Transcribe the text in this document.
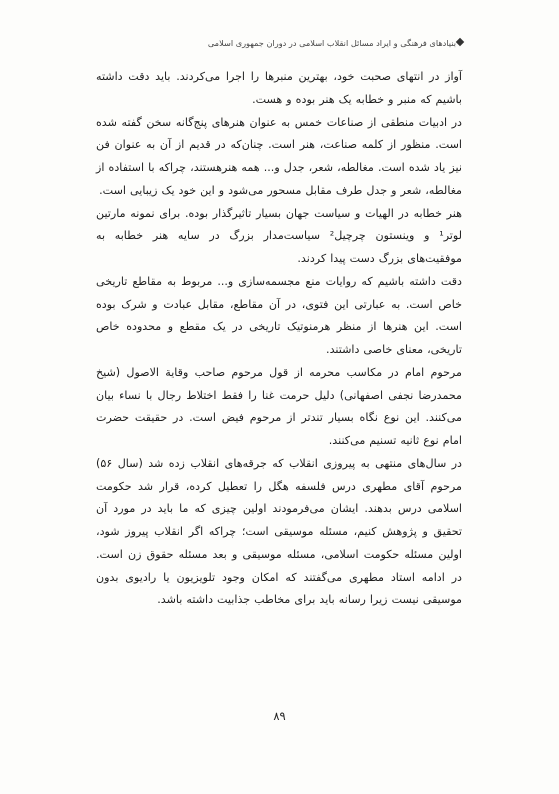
بنیادهای فرهنگی و ایراد مسائل انقلاب اسلامی در دوران جمهوری اسلامی

آواز در انتهای صحبت خود، بهترین منبرها را اجرا می‌کردند. باید دقت داشته باشیم که منبر و خطابه یک هنر بوده و هست.

در ادبیات منطقی از صناعات خمس به عنوان هنرهای پنج‌گانه سخن گفته شده است. منظور از کلمه صناعت، هنر است. چنان‌که در قدیم از آن به عنوان فن نیز یاد شده است. مغالطه، شعر، جدل و... همه هنرهستند، چراکه با استفاده از مغالطه، شعر و جدل طرف مقابل مسحور می‌شود و این خود یک زیبایی است.

هنر خطابه در الهیات و سیاست جهان بسیار تاثیرگذار بوده. برای نمونه مارتین لوتر¹ و وینستون چرچیل² سیاست‌مدار بزرگ در سایه هنر خطابه به موفقیت‌های بزرگ دست پیدا کردند.

دقت داشته باشیم که روایات منع مجسمه‌سازی و... مربوط به مقاطع تاریخی خاص است. به عبارتی این فتوی، در آن مقاطع، مقابل عبادت و شرک بوده است. این هنرها از منظر هرمنوتیک تاریخی در یک مقطع و محدوده خاص تاریخی، معنای خاصی داشتند.

مرحوم امام در مکاسب محرمه از قول مرحوم صاحب وقایة الاصول (شیخ محمدرضا نجفی اصفهانی) دلیل حرمت غنا را فقط اختلاط رجال با نساء بیان می‌کنند. این نوع نگاه بسیار تندتر از مرحوم فیض است. در حقیقت حضرت امام نوع ثانیه تسنیم می‌کنند.

در سال‌های منتهی به پیروزی انقلاب که جرقه‌های انقلاب زده شد (سال ۵۶) مرحوم آقای مطهری درس فلسفه هگل را تعطیل کرده، قرار شد حکومت اسلامی درس بدهند. ایشان می‌فرمودند اولین چیزی که ما باید در مورد آن تحقیق و پژوهش کنیم، مسئله موسیقی است؛ چراکه اگر انقلاب پیروز شود، اولین مسئله حکومت اسلامی، مسئله موسیقی و بعد مسئله حقوق زن است. در ادامه استاد مطهری می‌گفتند که امکان وجود تلویزیون یا رادیوی بدون موسیقی نیست زیرا رسانه باید برای مخاطب جذابیت داشته باشد.

۸۹
